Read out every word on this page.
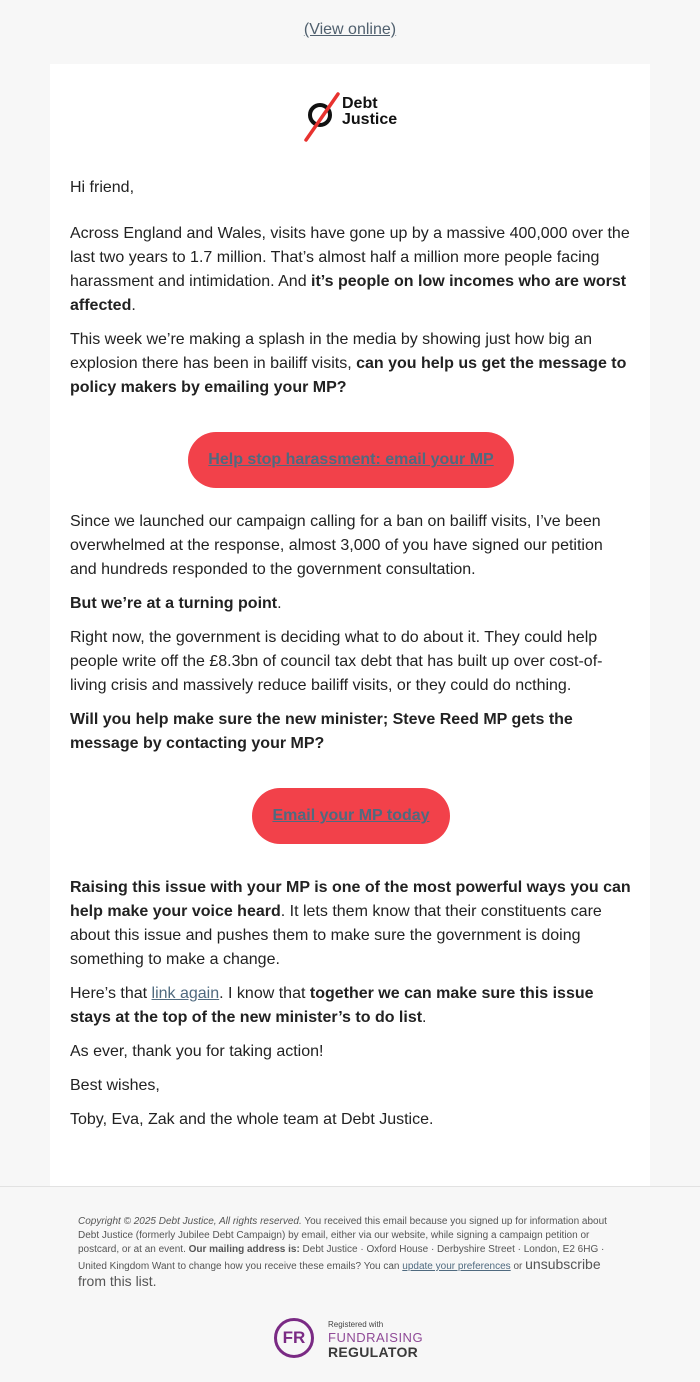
(View online)
Debt
Justice

Hi friend,

Across England and Wales, visits have gone up by a massive 400,000 over the last two years to 1.7 million. That’s almost half a million more people facing harassment and intimidation. And it’s people on low incomes who are worst affected.

This week we’re making a splash in the media by showing just how big an explosion there has been in bailiff visits, can you help us get the message to policy makers by emailing your MP?

Help stop harassment: email your MP

Since we launched our campaign calling for a ban on bailiff visits, I’ve been overwhelmed at the response, almost 3,000 of you have signed our petition and hundreds responded to the government consultation.

But we’re at a turning point.

Right now, the government is deciding what to do about it. They could help people write off the £8.3bn of council tax debt that has built up over cost-of-living crisis and massively reduce bailiff visits, or they could do ncthing.

Will you help make sure the new minister; Steve Reed MP gets the message by contacting your MP?

Email your MP today

Raising this issue with your MP is one of the most powerful ways you can help make your voice heard. It lets them know that their constituents care about this issue and pushes them to make sure the government is doing something to make a change.

Here’s that link again. I know that together we can make sure this issue stays at the top of the new minister’s to do list.

As ever, thank you for taking action!

Best wishes,

Toby, Eva, Zak and the whole team at Debt Justice.

Copyright © 2025 Debt Justice, All rights reserved. You received this email because you signed up for information about Debt Justice (formerly Jubilee Debt Campaign) by email, either via our website, while signing a campaign petition or postcard, or at an event. Our mailing address is: Debt Justice · Oxford House · Derbyshire Street · London, E2 6HG · United Kingdom Want to change how you receive these emails? You can update your preferences or unsubscribe from this list.
FR
Registered with
FUNDRAISING
REGULATOR
